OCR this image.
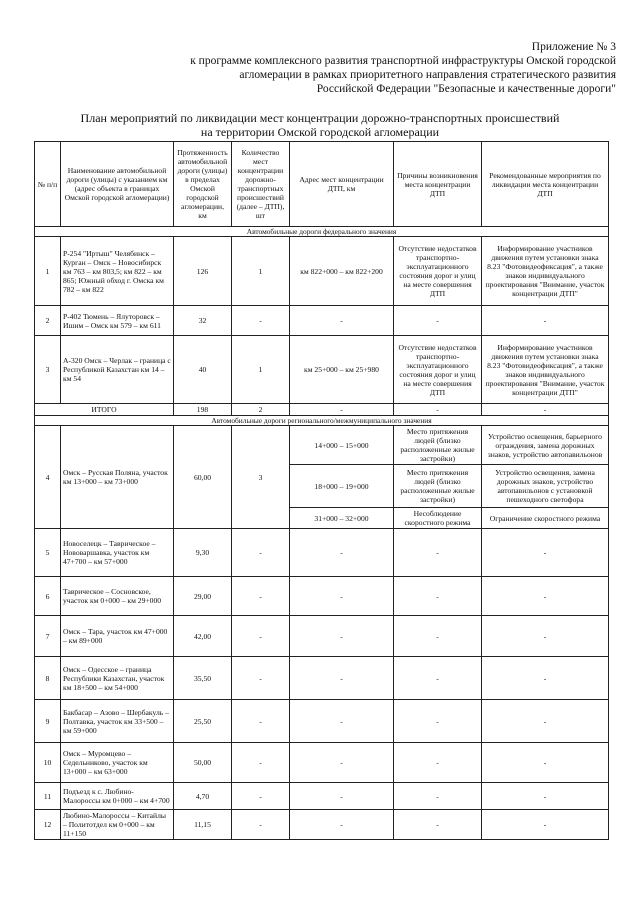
Приложение № 3
к программе комплексного развития транспортной инфраструктуры Омской городской
агломерации в рамках приоритетного направления стратегического развития
Российской Федерации "Безопасные и качественные дороги"
План мероприятий по ликвидации мест концентрации дорожно-транспортных происшествий
на территории Омской городской агломерации
№ п/п	Наименование автомобильной дороги (улицы) с указанием км (адрес объекта в границах Омской городской агломерации)	Протяженность автомобильной дороги (улицы) в пределах Омской городской агломерации, км	Количество мест концентрации дорожно-транспортных происшествий (далее – ДТП), шт	Адрес мест концентрации ДТП, км	Причины возникновения места концентрации ДТП	Рекомендованные мероприятия по ликвидации места концентрации ДТП
Автомобильные дороги федерального значения						
1	Р-254 "Иртыш" Челябинск – Курган – Омск – Новосибирск км 763 – км 803,5; км 822 – км 865; Южный обход г. Омска км 782 – км 822	126	1	км 822+000 – км 822+200	Отсутствие недостатков транспортно-эксплуатационного состояния дорог и улиц на месте совершения ДТП	Информирование участников движения путем установки знака 8.23 "Фотовидеофиксация", а также знаков индивидуального проектирования "Внимание, участок концентрации ДТП"
2	Р-402 Тюмень – Ялуторовск – Ишим – Омск км 579 – км 611	32	-	-	-	-
3	А-320 Омск – Черлак – граница с Республикой Казахстан км 14 – км 54	40	1	км 25+000 – км 25+980	Отсутствие недостатков транспортно-эксплуатационного состояния дорог и улиц на месте совершения ДТП	Информирование участников движения путем установки знака 8.23 "Фотовидеофиксация", а также знаков индивидуального проектирования "Внимание, участок концентрации ДТП"
ИТОГО		198	2	-	-	-
Автомобильные дороги регионального/межмуниципального значения						
4	Омск – Русская Поляна, участок км 13+000 – км 73+000	60,00	3	14+000 – 15+000	Место притяжения людей (близко расположенные жилые застройки)	Устройство освещения, барьерного ограждения, замена дорожных знаков, устройство автопавильонов
				18+000 – 19+000	Место притяжения людей (близко расположенные жилые застройки)	Устройство освещения, замена дорожных знаков, устройство автопавильонов с установкой пешеходного светофора
				31+000 – 32+000	Несоблюдение скоростного режима	Ограничение скоростного режима
5	Новоселецк – Таврическое – Нововаршавка, участок км 47+700 – км 57+000	9,30	-	-	-	-
6	Таврическое – Сосновское, участок км 0+000 – км 29+000	29,00	-	-	-	-
7	Омск – Тара, участок км 47+000 – км 89+000	42,00	-	-	-	-
8	Омск – Одесское – граница Республики Казахстан, участок км 18+500 – км 54+000	35,50	-	-	-	-
9	Бакбасар – Азово – Шербакуль – Полтавка, участок км 33+500 – км 59+000	25,50	-	-	-	-
10	Омск – Муромцево – Седельниково, участок км 13+000 – км 63+000	50,00	-	-	-	-
11	Подъезд к с. Любино-Малороссы км 0+000 – км 4+700	4,70	-	-	-	-
12	Любино-Малороссы – Китайлы – Политотдел км 0+000 – км 11+150	11,15	-	-	-	-
